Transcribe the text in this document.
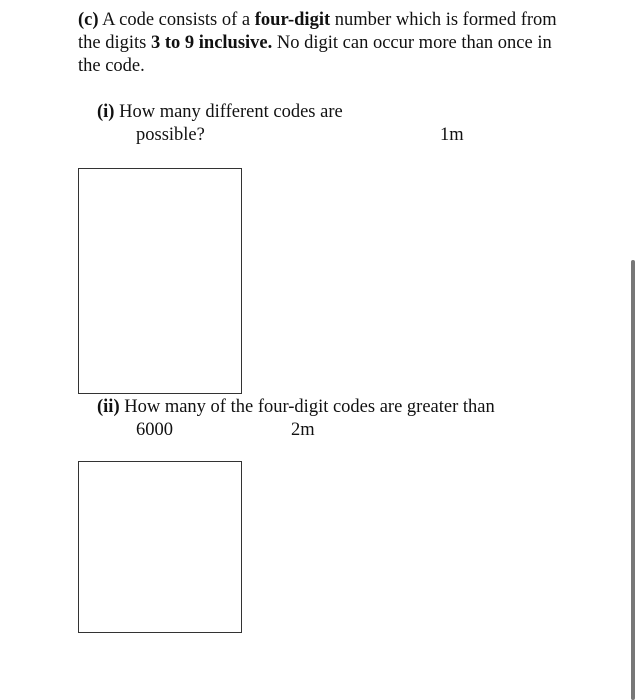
(c) A code consists of a four-digit number which is formed from the digits 3 to 9 inclusive. No digit can occur more than once in the code.

(i) How many different codes are
possible?	1m

(ii) How many of the four-digit codes are greater than
6000	2m
